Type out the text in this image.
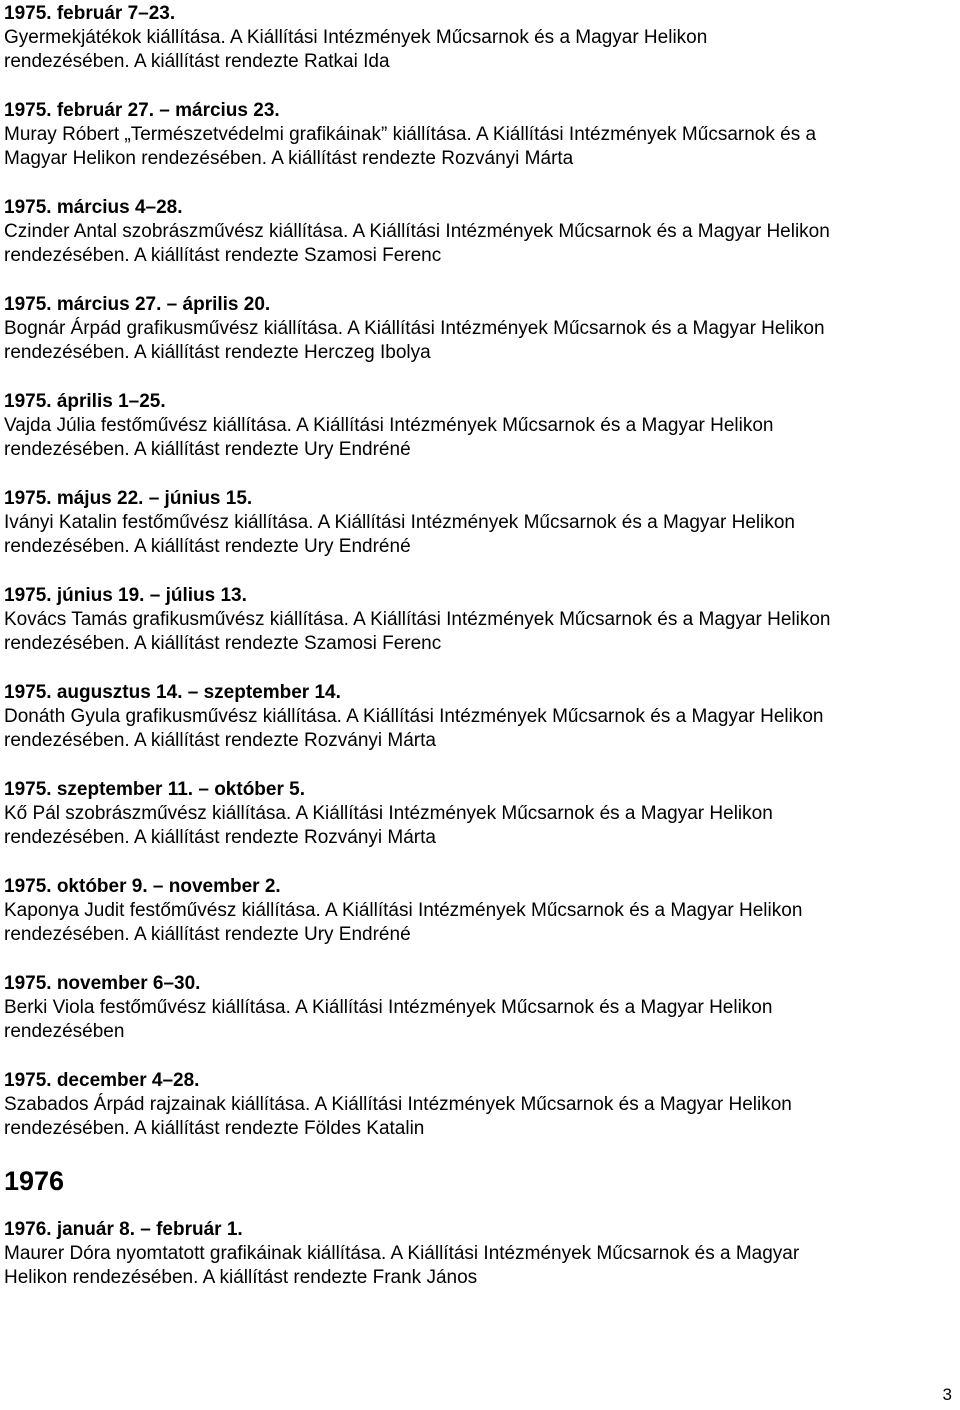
1975. február 7–23.
Gyermekjátékok kiállítása. A Kiállítási Intézmények Műcsarnok és a Magyar Helikon
rendezésében. A kiállítást rendezte Ratkai Ida
1975. február 27. – március 23.
Muray Róbert „Természetvédelmi grafikáinak” kiállítása. A Kiállítási Intézmények Műcsarnok és a
Magyar Helikon rendezésében. A kiállítást rendezte Rozványi Márta
1975. március 4–28.
Czinder Antal szobrászművész kiállítása. A Kiállítási Intézmények Műcsarnok és a Magyar Helikon
rendezésében. A kiállítást rendezte Szamosi Ferenc
1975. március 27. – április 20.
Bognár Árpád grafikusművész kiállítása. A Kiállítási Intézmények Műcsarnok és a Magyar Helikon
rendezésében. A kiállítást rendezte Herczeg Ibolya
1975. április 1–25.
Vajda Júlia festőművész kiállítása. A Kiállítási Intézmények Műcsarnok és a Magyar Helikon
rendezésében. A kiállítást rendezte Ury Endréné
1975. május 22. – június 15.
Iványi Katalin festőművész kiállítása. A Kiállítási Intézmények Műcsarnok és a Magyar Helikon
rendezésében. A kiállítást rendezte Ury Endréné
1975. június 19. – július 13.
Kovács Tamás grafikusművész kiállítása. A Kiállítási Intézmények Műcsarnok és a Magyar Helikon
rendezésében. A kiállítást rendezte Szamosi Ferenc
1975. augusztus 14. – szeptember 14.
Donáth Gyula grafikusművész kiállítása. A Kiállítási Intézmények Műcsarnok és a Magyar Helikon
rendezésében. A kiállítást rendezte Rozványi Márta
1975. szeptember 11. – október 5.
Kő Pál szobrászművész kiállítása. A Kiállítási Intézmények Műcsarnok és a Magyar Helikon
rendezésében. A kiállítást rendezte Rozványi Márta
1975. október 9. – november 2.
Kaponya Judit festőművész kiállítása. A Kiállítási Intézmények Műcsarnok és a Magyar Helikon
rendezésében. A kiállítást rendezte Ury Endréné
1975. november 6–30.
Berki Viola festőművész kiállítása. A Kiállítási Intézmények Műcsarnok és a Magyar Helikon
rendezésében
1975. december 4–28.
Szabados Árpád rajzainak kiállítása. A Kiállítási Intézmények Műcsarnok és a Magyar Helikon
rendezésében. A kiállítást rendezte Földes Katalin
1976
1976. január 8. – február 1.
Maurer Dóra nyomtatott grafikáinak kiállítása. A Kiállítási Intézmények Műcsarnok és a Magyar
Helikon rendezésében. A kiállítást rendezte Frank János
3
